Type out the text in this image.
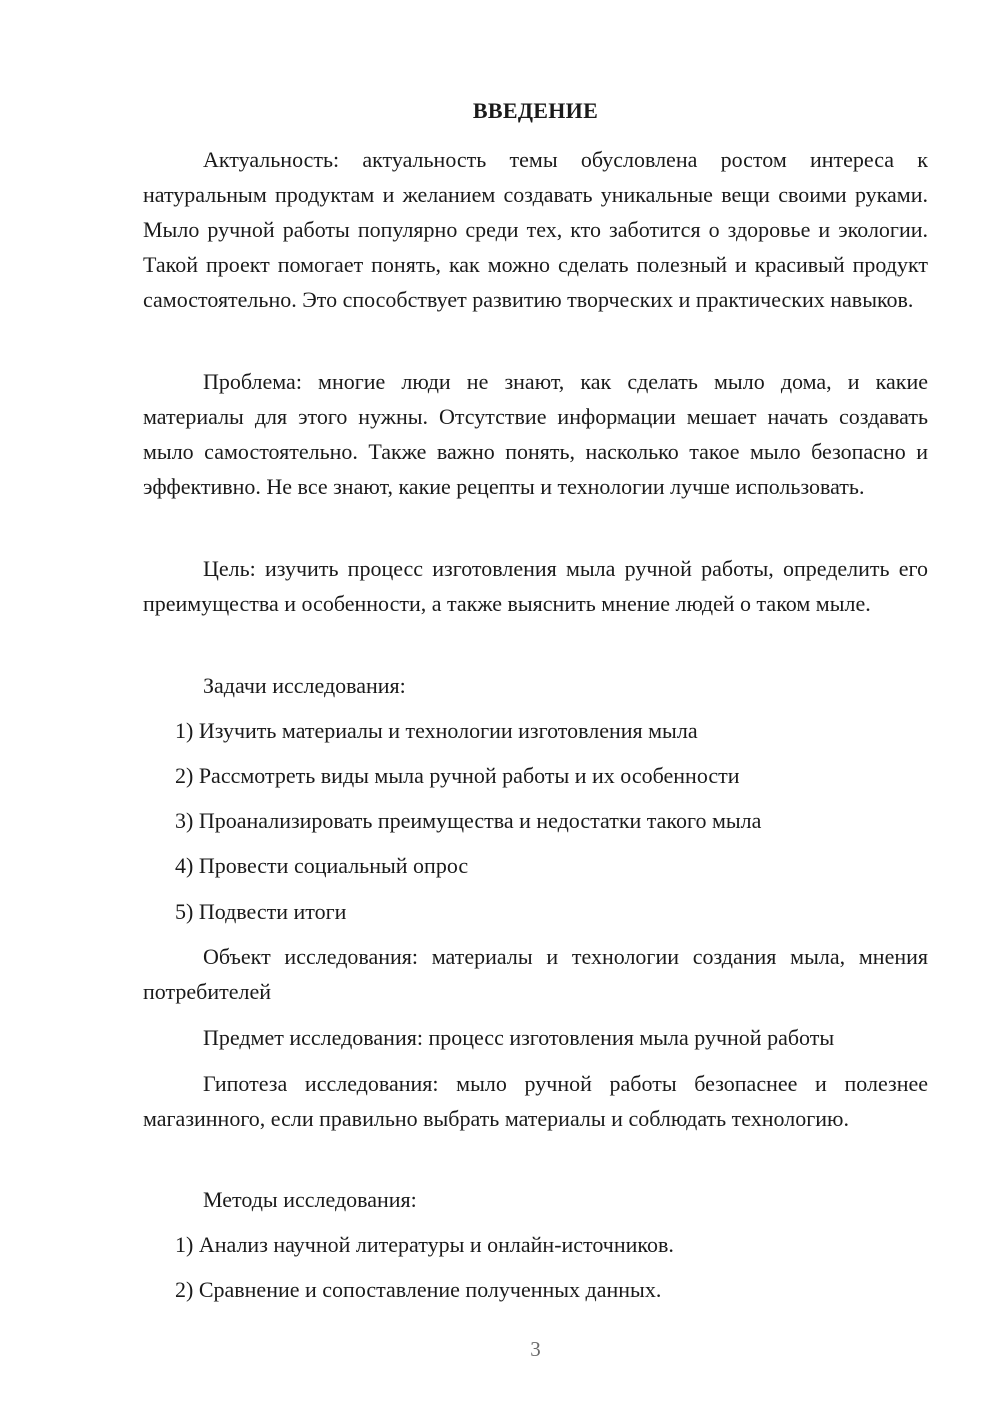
ВВЕДЕНИЕ

Актуальность: актуальность темы обусловлена ростом интереса к натуральным продуктам и желанием создавать уникальные вещи своими руками. Мыло ручной работы популярно среди тех, кто заботится о здоровье и экологии. Такой проект помогает понять, как можно сделать полезный и красивый продукт самостоятельно. Это способствует развитию творческих и практических навыков.

Проблема: многие люди не знают, как сделать мыло дома, и какие материалы для этого нужны. Отсутствие информации мешает начать создавать мыло самостоятельно. Также важно понять, насколько такое мыло безопасно и эффективно. Не все знают, какие рецепты и технологии лучше использовать.

Цель: изучить процесс изготовления мыла ручной работы, определить его преимущества и особенности, а также выяснить мнение людей о таком мыле.

Задачи исследования:

1) Изучить материалы и технологии изготовления мыла

2) Рассмотреть виды мыла ручной работы и их особенности

3) Проанализировать преимущества и недостатки такого мыла

4) Провести социальный опрос

5) Подвести итоги

Объект исследования: материалы и технологии создания мыла, мнения потребителей

Предмет исследования: процесс изготовления мыла ручной работы

Гипотеза исследования: мыло ручной работы безопаснее и полезнее магазинного, если правильно выбрать материалы и соблюдать технологию.

Методы исследования:

1) Анализ научной литературы и онлайн-источников.

2) Сравнение и сопоставление полученных данных.

3
